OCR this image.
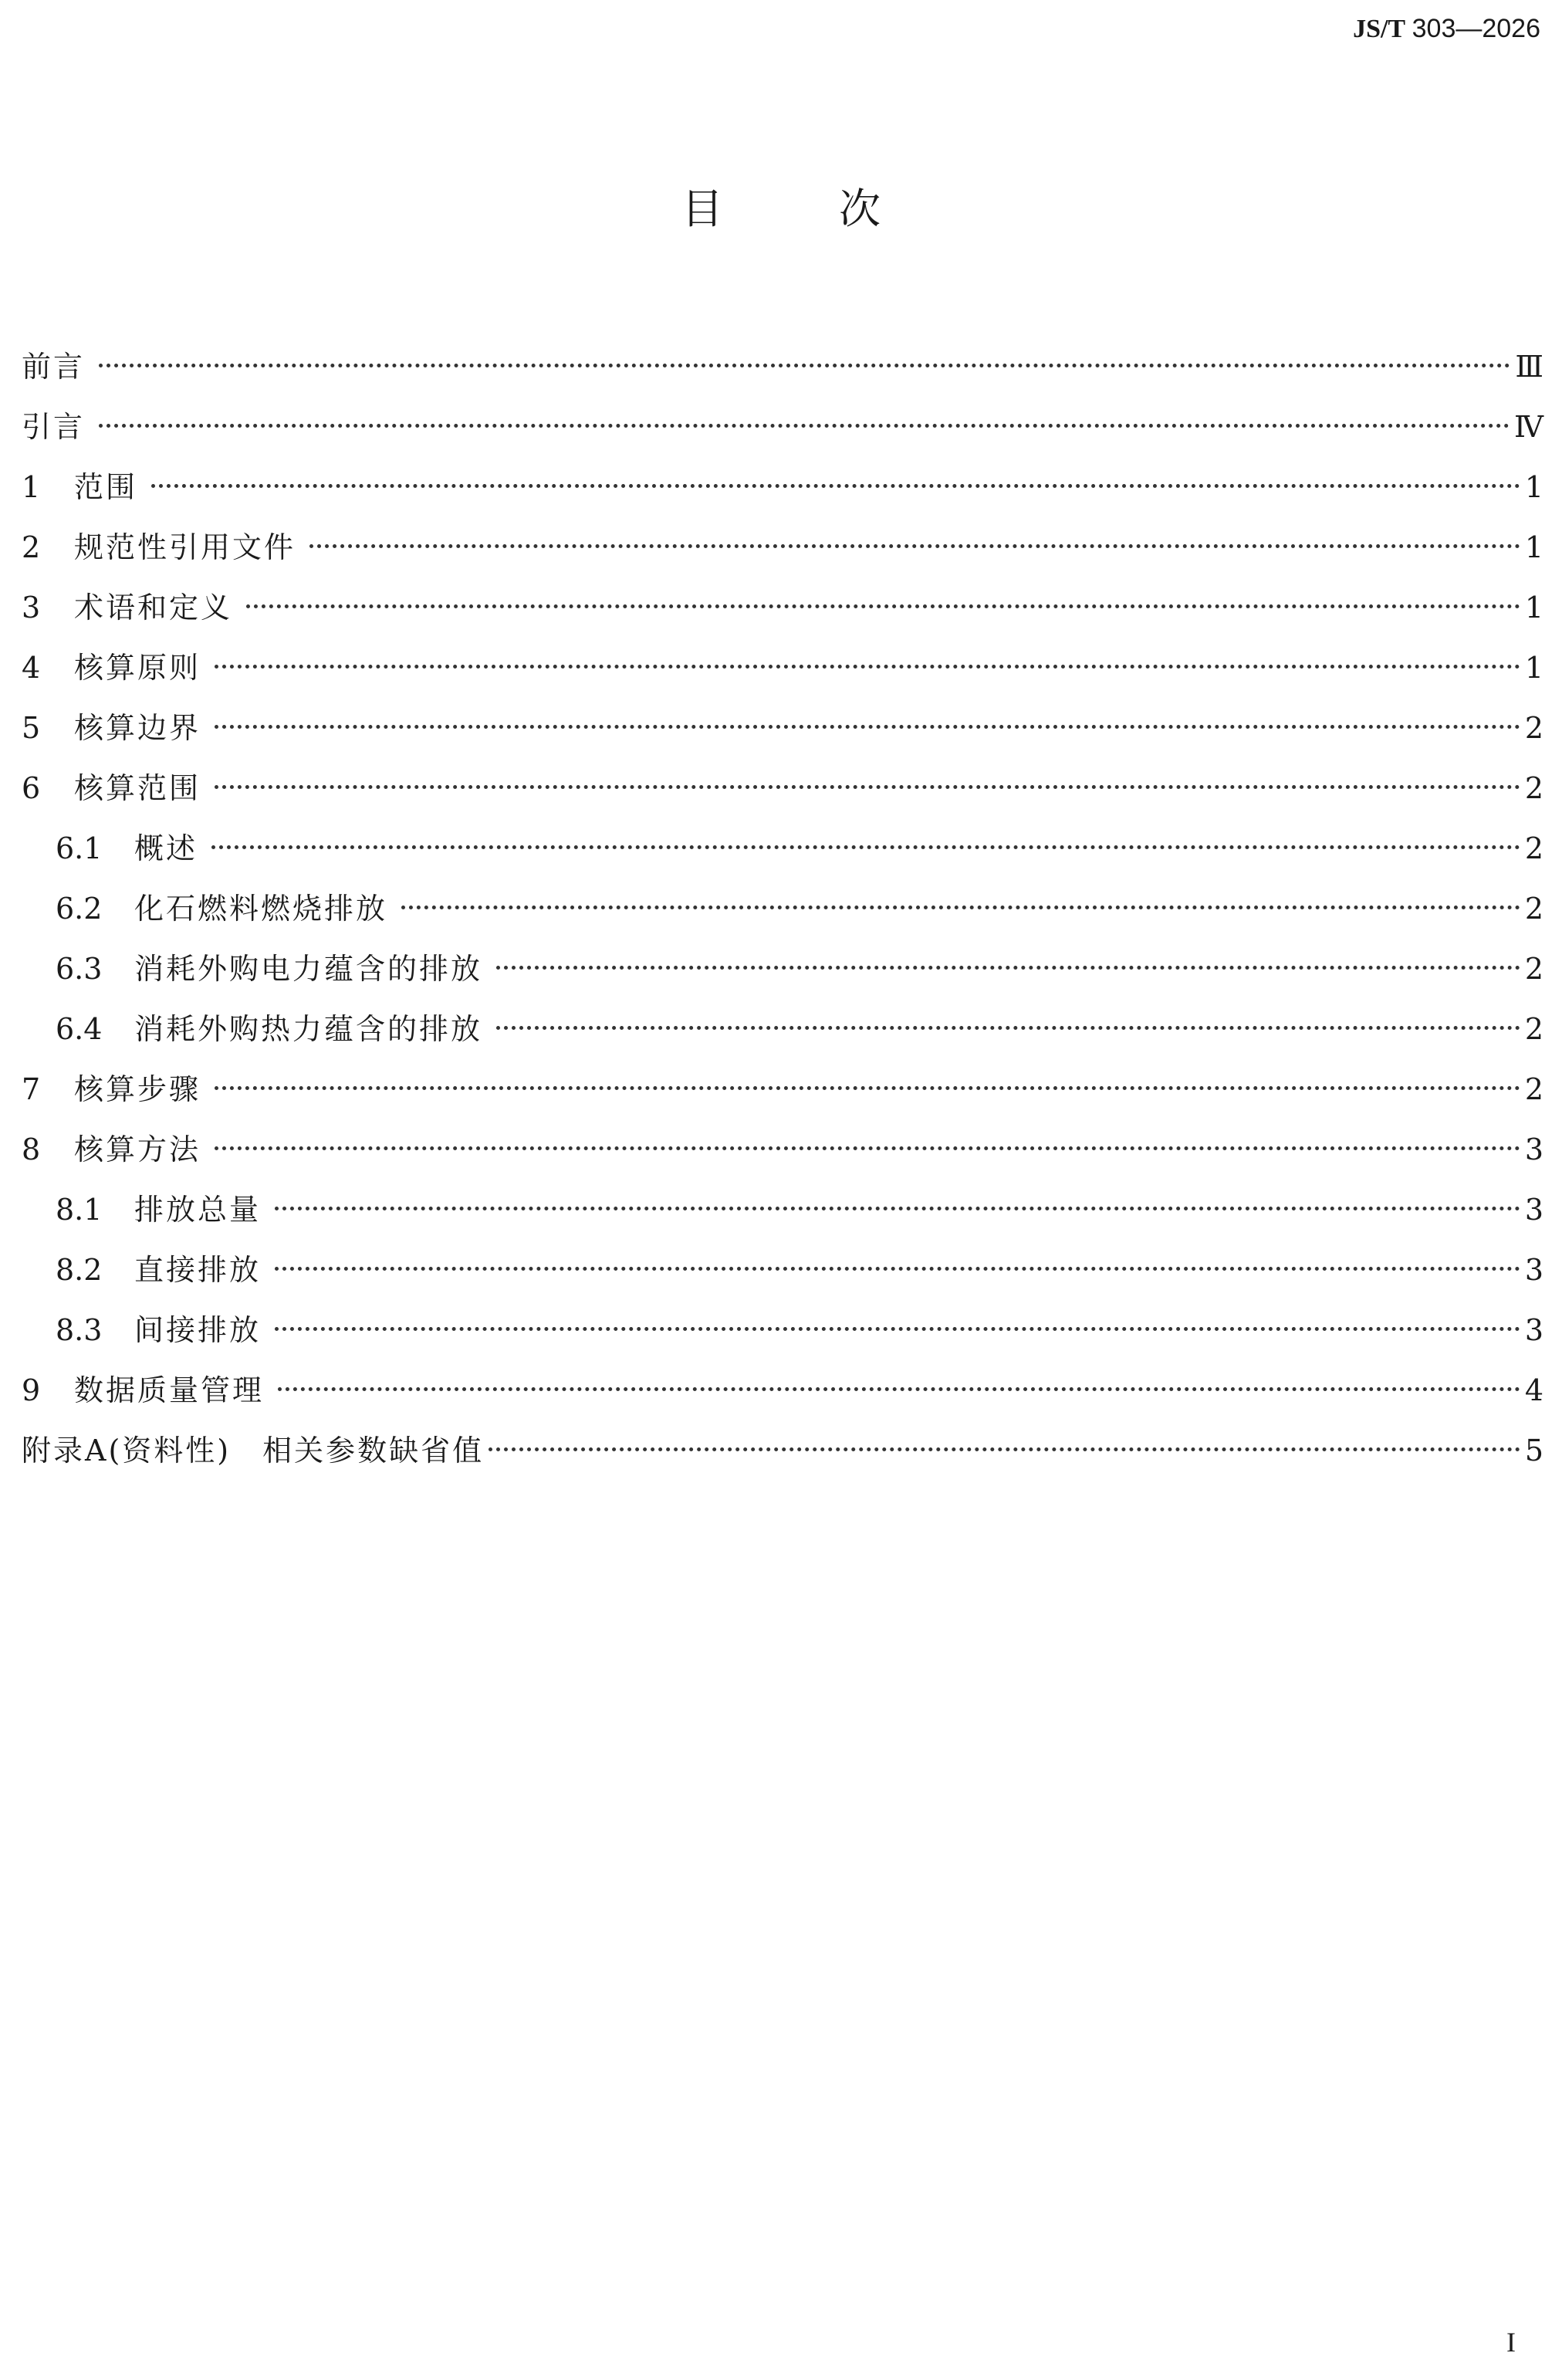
JS/T 303—2026
目次
前言	Ⅲ
引言	Ⅳ
1	范围	1
2	规范性引用文件	1
3	术语和定义	1
4	核算原则	1
5	核算边界	2
6	核算范围	2
6.1	概述	2
6.2	化石燃料燃烧排放	2
6.3	消耗外购电力蕴含的排放	2
6.4	消耗外购热力蕴含的排放	2
7	核算步骤	2
8	核算方法	3
8.1	排放总量	3
8.2	直接排放	3
8.3	间接排放	3
9	数据质量管理	4
附录A(资料性)　相关参数缺省值	5
I
